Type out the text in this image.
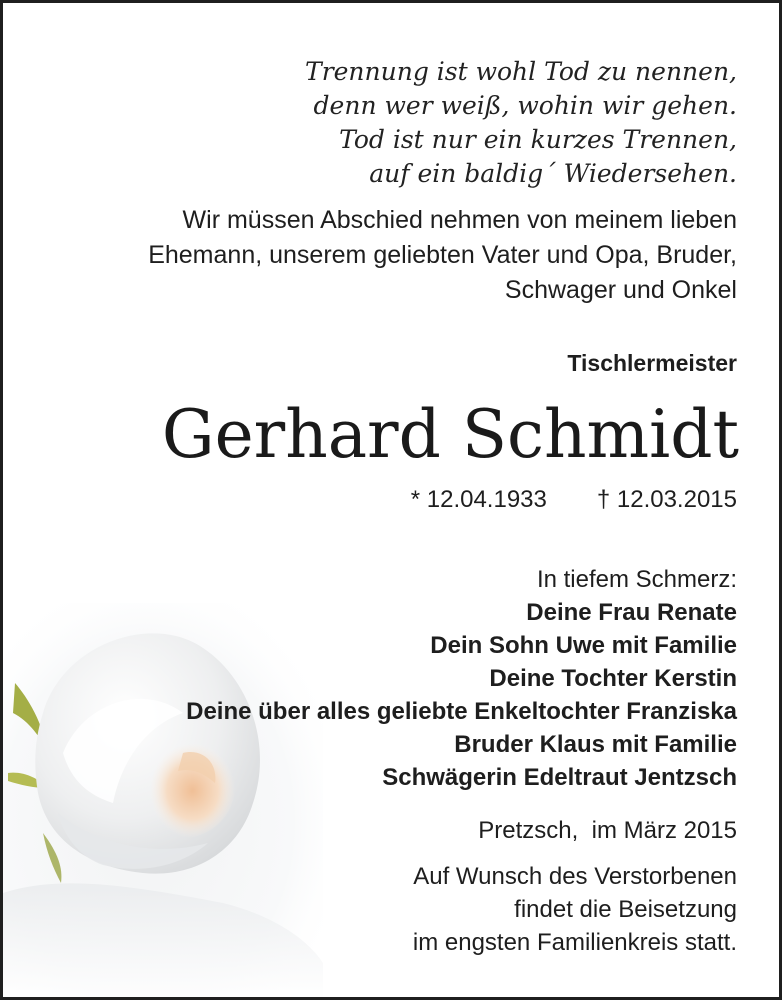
Trennung ist wohl Tod zu nennen,
denn wer weiß, wohin wir gehen.
Tod ist nur ein kurzes Trennen,
auf ein baldig´ Wiedersehen.
Wir müssen Abschied nehmen von meinem lieben
Ehemann, unserem geliebten Vater und Opa, Bruder,
Schwager und Onkel
Tischlermeister
Gerhard Schmidt
* 12.04.1933 † 12.03.2015
In tiefem Schmerz:
Deine Frau Renate
Dein Sohn Uwe mit Familie
Deine Tochter Kerstin
Deine über alles geliebte Enkeltochter Franziska
Bruder Klaus mit Familie
Schwägerin Edeltraut Jentzsch
Pretzsch,  im März 2015
Auf Wunsch des Verstorbenen
findet die Beisetzung
im engsten Familienkreis statt.
